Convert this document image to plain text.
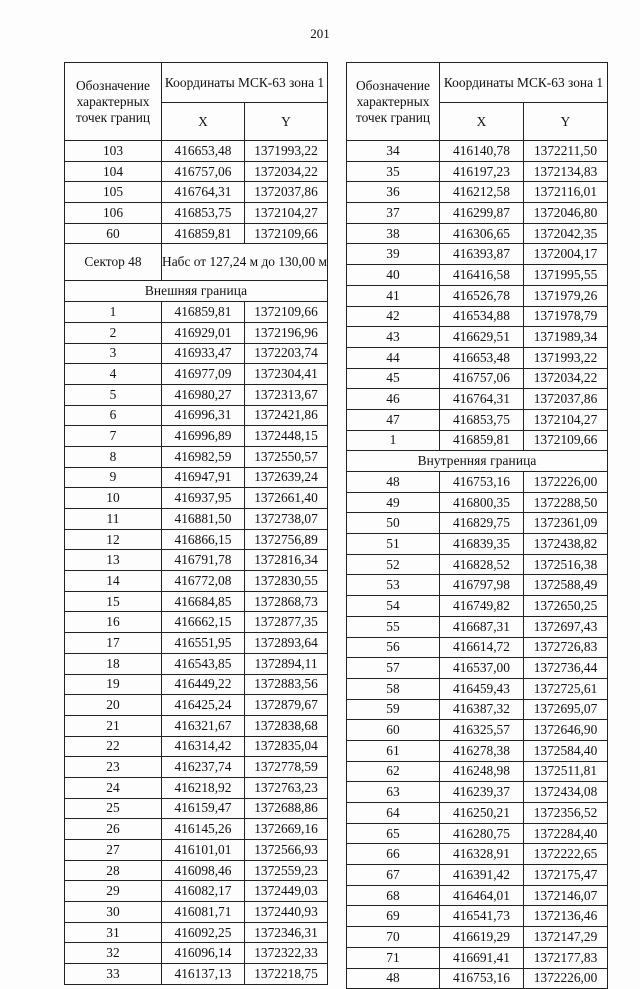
201
Обозначение характерных точек границ	Координаты МСК-63 зона 1	
	X	Y
103	416653,48	1371993,22
104	416757,06	1372034,22
105	416764,31	1372037,86
106	416853,75	1372104,27
60	416859,81	1372109,66
Сектор 48	Набс от 127,24 м до 130,00 м	
Внешняя граница		
1	416859,81	1372109,66
2	416929,01	1372196,96
3	416933,47	1372203,74
4	416977,09	1372304,41
5	416980,27	1372313,67
6	416996,31	1372421,86
7	416996,89	1372448,15
8	416982,59	1372550,57
9	416947,91	1372639,24
10	416937,95	1372661,40
11	416881,50	1372738,07
12	416866,15	1372756,89
13	416791,78	1372816,34
14	416772,08	1372830,55
15	416684,85	1372868,73
16	416662,15	1372877,35
17	416551,95	1372893,64
18	416543,85	1372894,11
19	416449,22	1372883,56
20	416425,24	1372879,67
21	416321,67	1372838,68
22	416314,42	1372835,04
23	416237,74	1372778,59
24	416218,92	1372763,23
25	416159,47	1372688,86
26	416145,26	1372669,16
27	416101,01	1372566,93
28	416098,46	1372559,23
29	416082,17	1372449,03
30	416081,71	1372440,93
31	416092,25	1372346,31
32	416096,14	1372322,33
33	416137,13	1372218,75
Обозначение характерных точек границ	Координаты МСК-63 зона 1	
	X	Y
34	416140,78	1372211,50
35	416197,23	1372134,83
36	416212,58	1372116,01
37	416299,87	1372046,80
38	416306,65	1372042,35
39	416393,87	1372004,17
40	416416,58	1371995,55
41	416526,78	1371979,26
42	416534,88	1371978,79
43	416629,51	1371989,34
44	416653,48	1371993,22
45	416757,06	1372034,22
46	416764,31	1372037,86
47	416853,75	1372104,27
1	416859,81	1372109,66
Внутренняя граница		
48	416753,16	1372226,00
49	416800,35	1372288,50
50	416829,75	1372361,09
51	416839,35	1372438,82
52	416828,52	1372516,38
53	416797,98	1372588,49
54	416749,82	1372650,25
55	416687,31	1372697,43
56	416614,72	1372726,83
57	416537,00	1372736,44
58	416459,43	1372725,61
59	416387,32	1372695,07
60	416325,57	1372646,90
61	416278,38	1372584,40
62	416248,98	1372511,81
63	416239,37	1372434,08
64	416250,21	1372356,52
65	416280,75	1372284,40
66	416328,91	1372222,65
67	416391,42	1372175,47
68	416464,01	1372146,07
69	416541,73	1372136,46
70	416619,29	1372147,29
71	416691,41	1372177,83
48	416753,16	1372226,00
